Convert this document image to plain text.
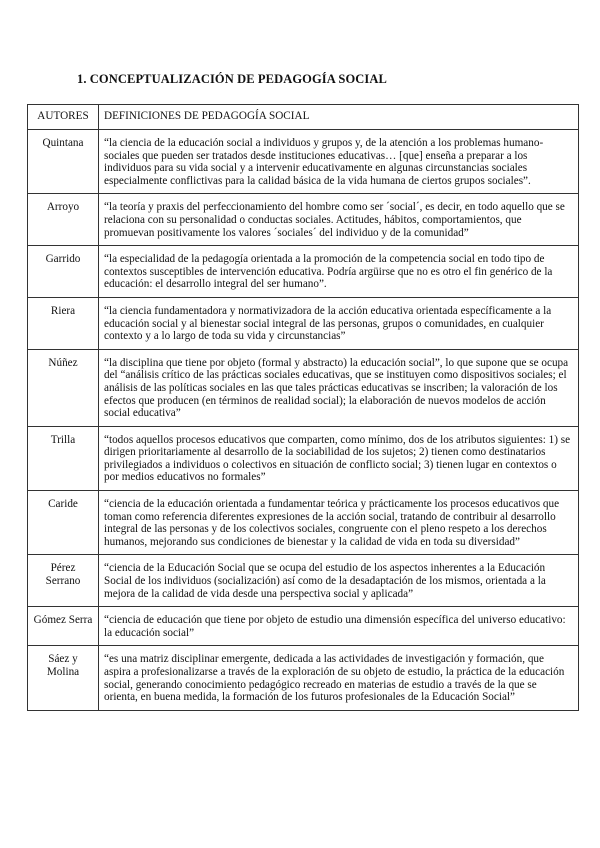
1. CONCEPTUALIZACIÓN DE PEDAGOGÍA SOCIAL
AUTORES	DEFINICIONES DE PEDAGOGÍA SOCIAL
Quintana	“la ciencia de la educación social a individuos y grupos y, de la atención a los problemas humano-sociales que pueden ser tratados desde instituciones educativas… [que] enseña a preparar a los individuos para su vida social y a intervenir educativamente en algunas circunstancias sociales especialmente conflictivas para la calidad básica de la vida humana de ciertos grupos sociales”.
Arroyo	“la teoría y praxis del perfeccionamiento del hombre como ser ´social´, es decir, en todo aquello que se relaciona con su personalidad o conductas sociales. Actitudes, hábitos, comportamientos, que promuevan positivamente los valores ´sociales´ del individuo y de la comunidad”
Garrido	“la especialidad de la pedagogía orientada a la promoción de la competencia social en todo tipo de contextos susceptibles de intervención educativa. Podría argüirse que no es otro el fin genérico de la educación: el desarrollo integral del ser humano”.
Riera	“la ciencia fundamentadora y normativizadora de la acción educativa orientada específicamente a la educación social y al bienestar social integral de las personas, grupos o comunidades, en cualquier contexto y a lo largo de toda su vida y circunstancias”
Núñez	“la disciplina que tiene por objeto (formal y abstracto) la educación social”, lo que supone que se ocupa del “análisis crítico de las prácticas sociales educativas, que se instituyen como dispositivos sociales; el análisis de las políticas sociales en las que tales prácticas educativas se inscriben; la valoración de los efectos que producen (en términos de realidad social); la elaboración de nuevos modelos de acción social educativa”
Trilla	“todos aquellos procesos educativos que comparten, como mínimo, dos de los atributos siguientes: 1) se dirigen prioritariamente al desarrollo de la sociabilidad de los sujetos; 2) tienen como destinatarios privilegiados a individuos o colectivos en situación de conflicto social; 3) tienen lugar en contextos o por medios educativos no formales”
Caride	“ciencia de la educación orientada a fundamentar teórica y prácticamente los procesos educativos que toman como referencia diferentes expresiones de la acción social, tratando de contribuir al desarrollo integral de las personas y de los colectivos sociales, congruente con el pleno respeto a los derechos humanos, mejorando sus condiciones de bienestar y la calidad de vida en toda su diversidad”
Pérez Serrano	“ciencia de la Educación Social que se ocupa del estudio de los aspectos inherentes a la Educación Social de los individuos (socialización) así como de la desadaptación de los mismos, orientada a la mejora de la calidad de vida desde una perspectiva social y aplicada”
Gómez Serra	“ciencia de educación que tiene por objeto de estudio una dimensión específica del universo educativo: la educación social”
Sáez y Molina	“es una matriz disciplinar emergente, dedicada a las actividades de investigación y formación, que aspira a profesionalizarse a través de la exploración de su objeto de estudio, la práctica de la educación social, generando conocimiento pedagógico recreado en materias de estudio a través de la que se orienta, en buena medida, la formación de los futuros profesionales de la Educación Social”
